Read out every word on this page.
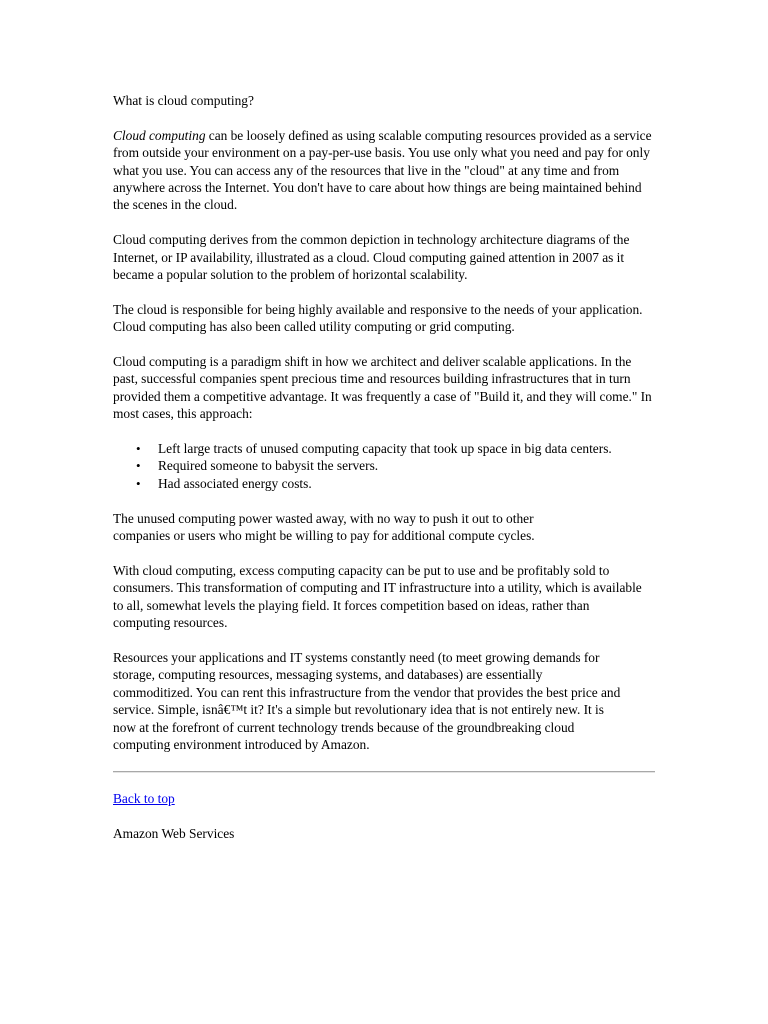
What is cloud computing?

Cloud computing can be loosely defined as using scalable computing resources provided as a service from outside your environment on a pay-per-use basis. You use only what you need and pay for only what you use. You can access any of the resources that live in the "cloud" at any time and from anywhere across the Internet. You don't have to care about how things are being maintained behind the scenes in the cloud.

Cloud computing derives from the common depiction in technology architecture diagrams of the Internet, or IP availability, illustrated as a cloud. Cloud computing gained attention in 2007 as it became a popular solution to the problem of horizontal scalability.

The cloud is responsible for being highly available and responsive to the needs of your application. Cloud computing has also been called utility computing or grid computing.

Cloud computing is a paradigm shift in how we architect and deliver scalable applications. In the past, successful companies spent precious time and resources building infrastructures that in turn provided them a competitive advantage. It was frequently a case of "Build it, and they will come." In most cases, this approach:

• Left large tracts of unused computing capacity that took up space in big data centers.
• Required someone to babysit the servers.
• Had associated energy costs.

The unused computing power wasted away, with no way to push it out to other companies or users who might be willing to pay for additional compute cycles.

With cloud computing, excess computing capacity can be put to use and be profitably sold to consumers. This transformation of computing and IT infrastructure into a utility, which is available to all, somewhat levels the playing field. It forces competition based on ideas, rather than computing resources.

Resources your applications and IT systems constantly need (to meet growing demands for storage, computing resources, messaging systems, and databases) are essentially commoditized. You can rent this infrastructure from the vendor that provides the best price and service. Simple, isnâ€™t it? It's a simple but revolutionary idea that is not entirely new. It is now at the forefront of current technology trends because of the groundbreaking cloud computing environment introduced by Amazon.

Back to top

Amazon Web Services
